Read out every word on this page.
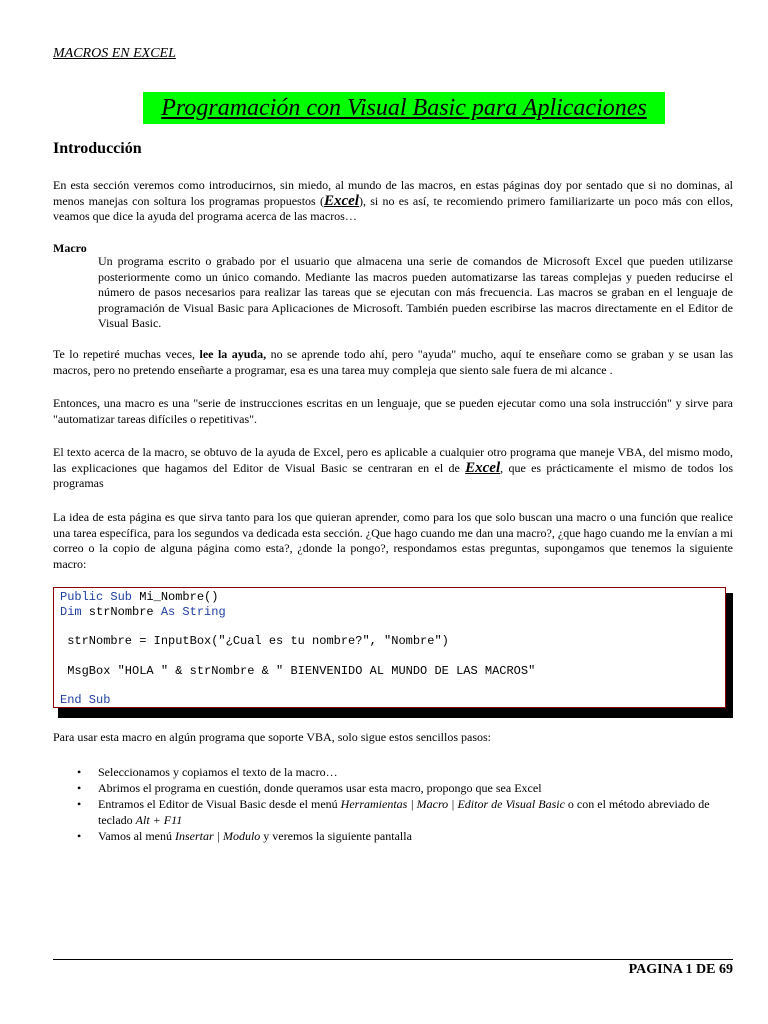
MACROS EN EXCEL
Programación con Visual Basic para Aplicaciones
Introducción

En esta sección veremos como introducirnos, sin miedo, al mundo de las macros, en estas páginas doy por sentado que si no dominas, al menos manejas con soltura los programas propuestos (Excel), si no es así, te recomiendo primero familiarizarte un poco más con ellos, veamos que dice la ayuda del programa acerca de las macros…

Macro

Un programa escrito o grabado por el usuario que almacena una serie de comandos de Microsoft Excel que pueden utilizarse posteriormente como un único comando. Mediante las macros pueden automatizarse las tareas complejas y pueden reducirse el número de pasos necesarios para realizar las tareas que se ejecutan con más frecuencia. Las macros se graban en el lenguaje de programación de Visual Basic para Aplicaciones de Microsoft. También pueden escribirse las macros directamente en el Editor de Visual Basic.

Te lo repetiré muchas veces, lee la ayuda, no se aprende todo ahí, pero "ayuda" mucho, aquí te enseñare como se graban y se usan las macros, pero no pretendo enseñarte a programar, esa es una tarea muy compleja que siento sale fuera de mi alcance .

Entonces, una macro es una "serie de instrucciones escritas en un lenguaje, que se pueden ejecutar como una sola instrucción" y sirve para "automatizar tareas difíciles o repetitivas".

El texto acerca de la macro, se obtuvo de la ayuda de Excel, pero es aplicable a cualquier otro programa que maneje VBA, del mismo modo, las explicaciones que hagamos del Editor de Visual Basic se centraran en el de Excel, que es prácticamente el mismo de todos los programas

La idea de esta página es que sirva tanto para los que quieran aprender, como para los que solo buscan una macro o una función que realice una tarea específica, para los segundos va dedicada esta sección. ¿Que hago cuando me dan una macro?, ¿que hago cuando me la envían a mi correo o la copio de alguna página como esta?, ¿donde la pongo?, respondamos estas preguntas, supongamos que tenemos la siguiente macro:

Public Sub Mi_Nombre()
Dim strNombre As String
strNombre = InputBox("¿Cual es tu nombre?", "Nombre")
MsgBox "HOLA " & strNombre & " BIENVENIDO AL MUNDO DE LAS MACROS"
End Sub

Para usar esta macro en algún programa que soporte VBA, solo sigue estos sencillos pasos:

• Seleccionamos y copiamos el texto de la macro…
• Abrimos el programa en cuestión, donde queramos usar esta macro, propongo que sea Excel
• Entramos el Editor de Visual Basic desde el menú Herramientas | Macro | Editor de Visual Basic o con el método abreviado de teclado Alt + F11
• Vamos al menú Insertar | Modulo y veremos la siguiente pantalla
PAGINA 1 DE 69
